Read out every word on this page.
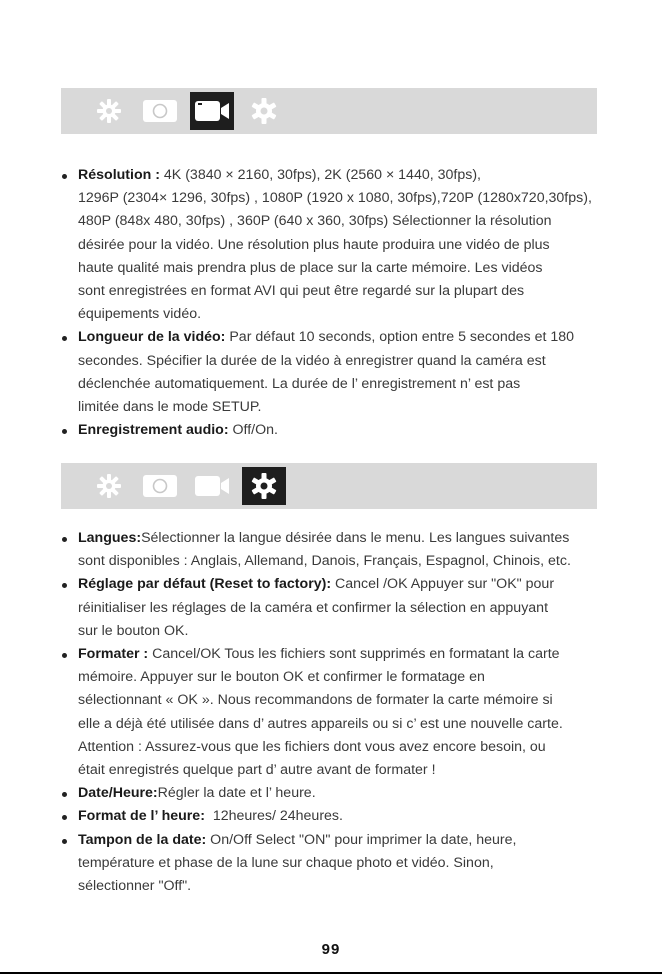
Résolution : 4K (3840 × 2160, 30fps), 2K (2560 × 1440, 30fps),
1296P (2304× 1296, 30fps) , 1080P (1920 x 1080, 30fps),720P (1280x720,30fps),
480P (848x 480, 30fps) , 360P (640 x 360, 30fps) Sélectionner la résolution
désirée pour la vidéo. Une résolution plus haute produira une vidéo de plus
haute qualité mais prendra plus de place sur la carte mémoire. Les vidéos
sont enregistrées en format AVI qui peut être regardé sur la plupart des
équipements vidéo.
Longueur de la vidéo: Par défaut 10 seconds, option entre 5 secondes et 180
secondes. Spécifier la durée de la vidéo à enregistrer quand la caméra est
déclenchée automatiquement. La durée de l’ enregistrement n’ est pas
limitée dans le mode SETUP.
Enregistrement audio: Off/On.
Langues:Sélectionner la langue désirée dans le menu. Les langues suivantes
sont disponibles : Anglais, Allemand, Danois, Français, Espagnol, Chinois, etc.
Réglage par défaut (Reset to factory): Cancel /OK Appuyer sur "OK" pour
réinitialiser les réglages de la caméra et confirmer la sélection en appuyant
sur le bouton OK.
Formater : Cancel/OK Tous les fichiers sont supprimés en formatant la carte
mémoire. Appuyer sur le bouton OK et confirmer le formatage en
sélectionnant « OK ». Nous recommandons de formater la carte mémoire si
elle a déjà été utilisée dans d’ autres appareils ou si c’ est une nouvelle carte.
Attention : Assurez-vous que les fichiers dont vous avez encore besoin, ou
était enregistrés quelque part d’ autre avant de formater !
Date/Heure:Régler la date et l’ heure.
Format de l’ heure:  12heures/ 24heures.
Tampon de la date: On/Off Select "ON" pour imprimer la date, heure,
température et phase de la lune sur chaque photo et vidéo. Sinon,
sélectionner "Off".
99
